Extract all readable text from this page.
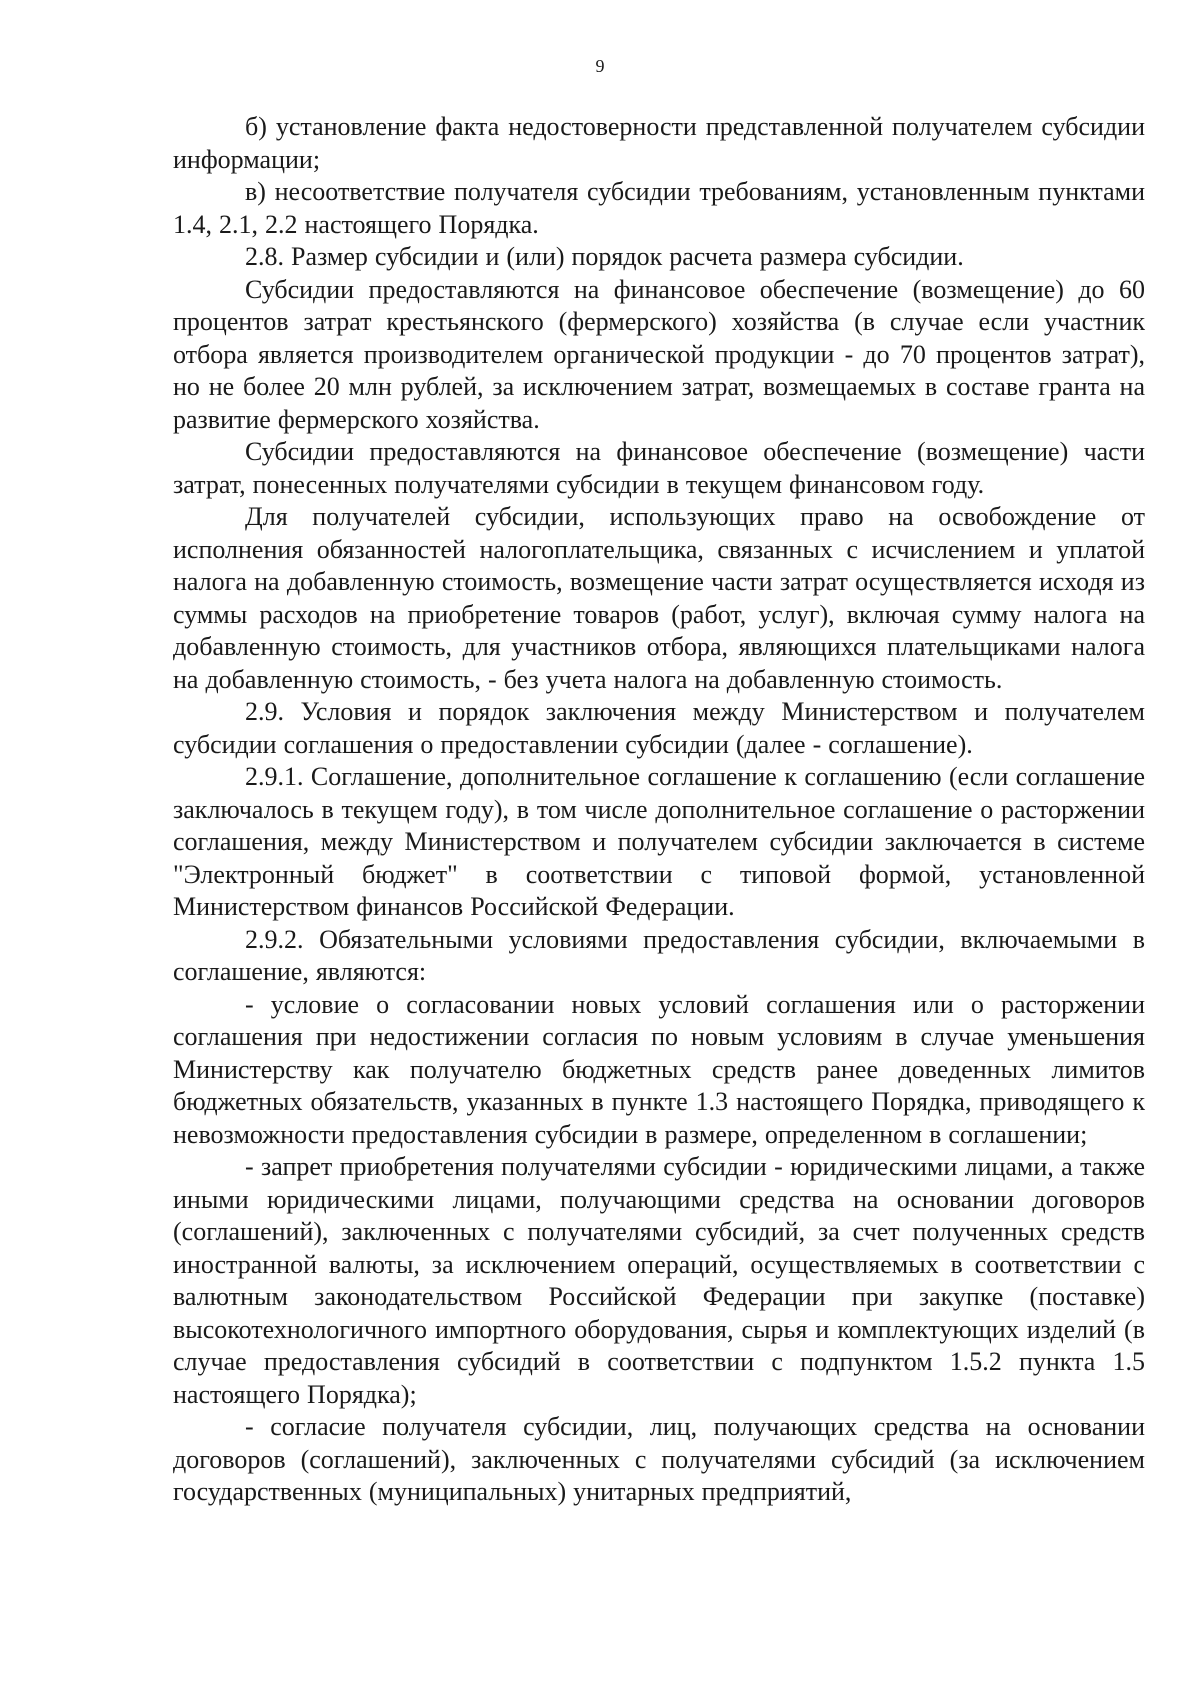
9

б) установление факта недостоверности представленной получателем субсидии информации;

в) несоответствие получателя субсидии требованиям, установленным пунктами 1.4, 2.1, 2.2 настоящего Порядка.

2.8. Размер субсидии и (или) порядок расчета размера субсидии.

Субсидии предоставляются на финансовое обеспечение (возмещение) до 60 процентов затрат крестьянского (фермерского) хозяйства (в случае если участник отбора является производителем органической продукции - до 70 процентов затрат), но не более 20 млн рублей, за исключением затрат, возмещаемых в составе гранта на развитие фермерского хозяйства.

Субсидии предоставляются на финансовое обеспечение (возмещение) части затрат, понесенных получателями субсидии в текущем финансовом году.

Для получателей субсидии, использующих право на освобождение от исполнения обязанностей налогоплательщика, связанных с исчислением и уплатой налога на добавленную стоимость, возмещение части затрат осуществляется исходя из суммы расходов на приобретение товаров (работ, услуг), включая сумму налога на добавленную стоимость, для участников отбора, являющихся плательщиками налога на добавленную стоимость, - без учета налога на добавленную стоимость.

2.9. Условия и порядок заключения между Министерством и получателем субсидии соглашения о предоставлении субсидии (далее - соглашение).

2.9.1. Соглашение, дополнительное соглашение к соглашению (если соглашение заключалось в текущем году), в том числе дополнительное соглашение о расторжении соглашения, между Министерством и получателем субсидии заключается в системе "Электронный бюджет" в соответствии с типовой формой, установленной Министерством финансов Российской Федерации.

2.9.2. Обязательными условиями предоставления субсидии, включаемыми в соглашение, являются:

- условие о согласовании новых условий соглашения или о расторжении соглашения при недостижении согласия по новым условиям в случае уменьшения Министерству как получателю бюджетных средств ранее доведенных лимитов бюджетных обязательств, указанных в пункте 1.3 настоящего Порядка, приводящего к невозможности предоставления субсидии в размере, определенном в соглашении;

- запрет приобретения получателями субсидии - юридическими лицами, а также иными юридическими лицами, получающими средства на основании договоров (соглашений), заключенных с получателями субсидий, за счет полученных средств иностранной валюты, за исключением операций, осуществляемых в соответствии с валютным законодательством Российской Федерации при закупке (поставке) высокотехнологичного импортного оборудования, сырья и комплектующих изделий (в случае предоставления субсидий в соответствии с подпунктом 1.5.2 пункта 1.5 настоящего Порядка);

- согласие получателя субсидии, лиц, получающих средства на основании договоров (соглашений), заключенных с получателями субсидий (за исключением государственных (муниципальных) унитарных предприятий,
